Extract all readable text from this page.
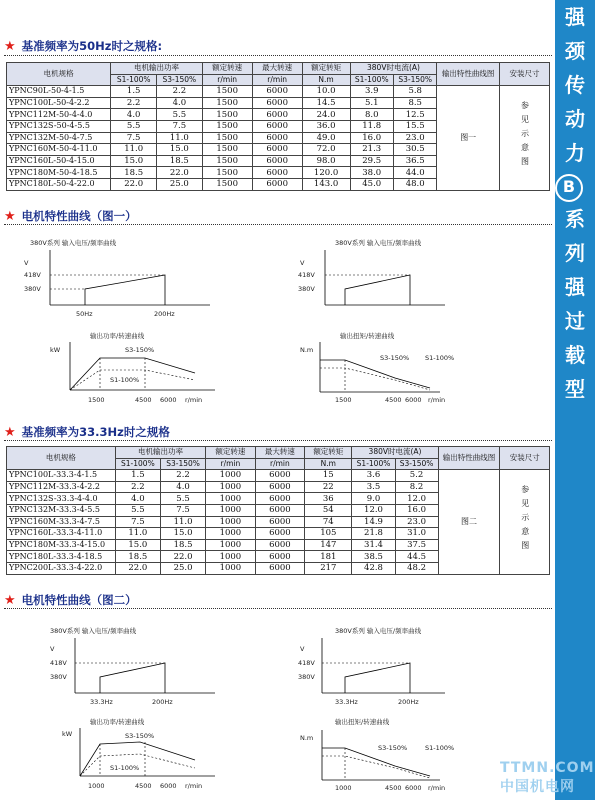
强
颈
传
动
力
B
系
列
强
过
载
型
TTMN.COM 中国机电网
★ 基准频率为50Hz时之规格:
电机规格	电机输出功率		额定转速	最大转速	额定转矩	380V时电流(A)		输出特性曲线图	安装尺寸
	S1-100%	S3-150%	r/min	r/min	N.m	S1-100%	S3-150%		
YPNC90L-50-4-1.5	1.5	2.2	1500	6000	10.0	3.9	5.8	图一	参见示意图
YPNC100L-50-4-2.2	2.2	4.0	1500	6000	14.5	5.1	8.5		
YPNC112M-50-4-4.0	4.0	5.5	1500	6000	24.0	8.0	12.5		
YPNC132S-50-4-5.5	5.5	7.5	1500	6000	36.0	11.8	15.5		
YPNC132M-50-4-7.5	7.5	11.0	1500	6000	49.0	16.0	23.0		
YPNC160M-50-4-11.0	11.0	15.0	1500	6000	72.0	21.3	30.5		
YPNC160L-50-4-15.0	15.0	18.5	1500	6000	98.0	29.5	36.5		
YPNC180M-50-4-18.5	18.5	22.0	1500	6000	120.0	38.0	44.0		
YPNC180L-50-4-22.0	22.0	25.0	1500	6000	143.0	45.0	48.0		
★ 电机特性曲线（图一）
380V系列 输入电压/频率曲线
V
418V
380V
50Hz	200Hz
380V系列 输入电压/频率曲线
V
418V
380V
输出功率/转速曲线
kW	S3-150%
S1-100%
1500	4500 6000 r/min
输出扭矩/转速曲线
N.m
S3-150% S1-100%
1500	4500 6000 r/min
★ 基准频率为33.3Hz时之规格
电机规格	电机输出功率		额定转速	最大转速	额定转矩	380V时电流(A)		输出特性曲线图	安装尺寸
	S1-100%	S3-150%	r/min	r/min	N.m	S1-100%	S3-150%		
YPNC100L-33.3-4-1.5	1.5	2.2	1000	6000	15	3.6	5.2	图二	参见示意图
YPNC112M-33.3-4-2.2	2.2	4.0	1000	6000	22	3.5	8.2		
YPNC132S-33.3-4-4.0	4.0	5.5	1000	6000	36	9.0	12.0		
YPNC132M-33.3-4-5.5	5.5	7.5	1000	6000	54	12.0	16.0		
YPNC160M-33.3-4-7.5	7.5	11.0	1000	6000	74	14.9	23.0		
YPNC160L-33.3-4-11.0	11.0	15.0	1000	6000	105	21.8	31.0		
YPNC180M-33.3-4-15.0	15.0	18.5	1000	6000	147	31.4	37.5		
YPNC180L-33.3-4-18.5	18.5	22.0	1000	6000	181	38.5	44.5		
YPNC200L-33.3-4-22.0	22.0	25.0	1000	6000	217	42.8	48.2		
★ 电机特性曲线（图二）
380V系列 输入电压/频率曲线
V
418V
380V
33.3Hz	200Hz
380V系列 输入电压/频率曲线
V
418V
380V
33.3Hz	200Hz
输出功率/转速曲线
kW	S3-150%
S1-100%
1000	4500 6000 r/min
输出扭矩/转速曲线
N.m
S3-150%	S1-100%
1000	4500 6000 r/min
